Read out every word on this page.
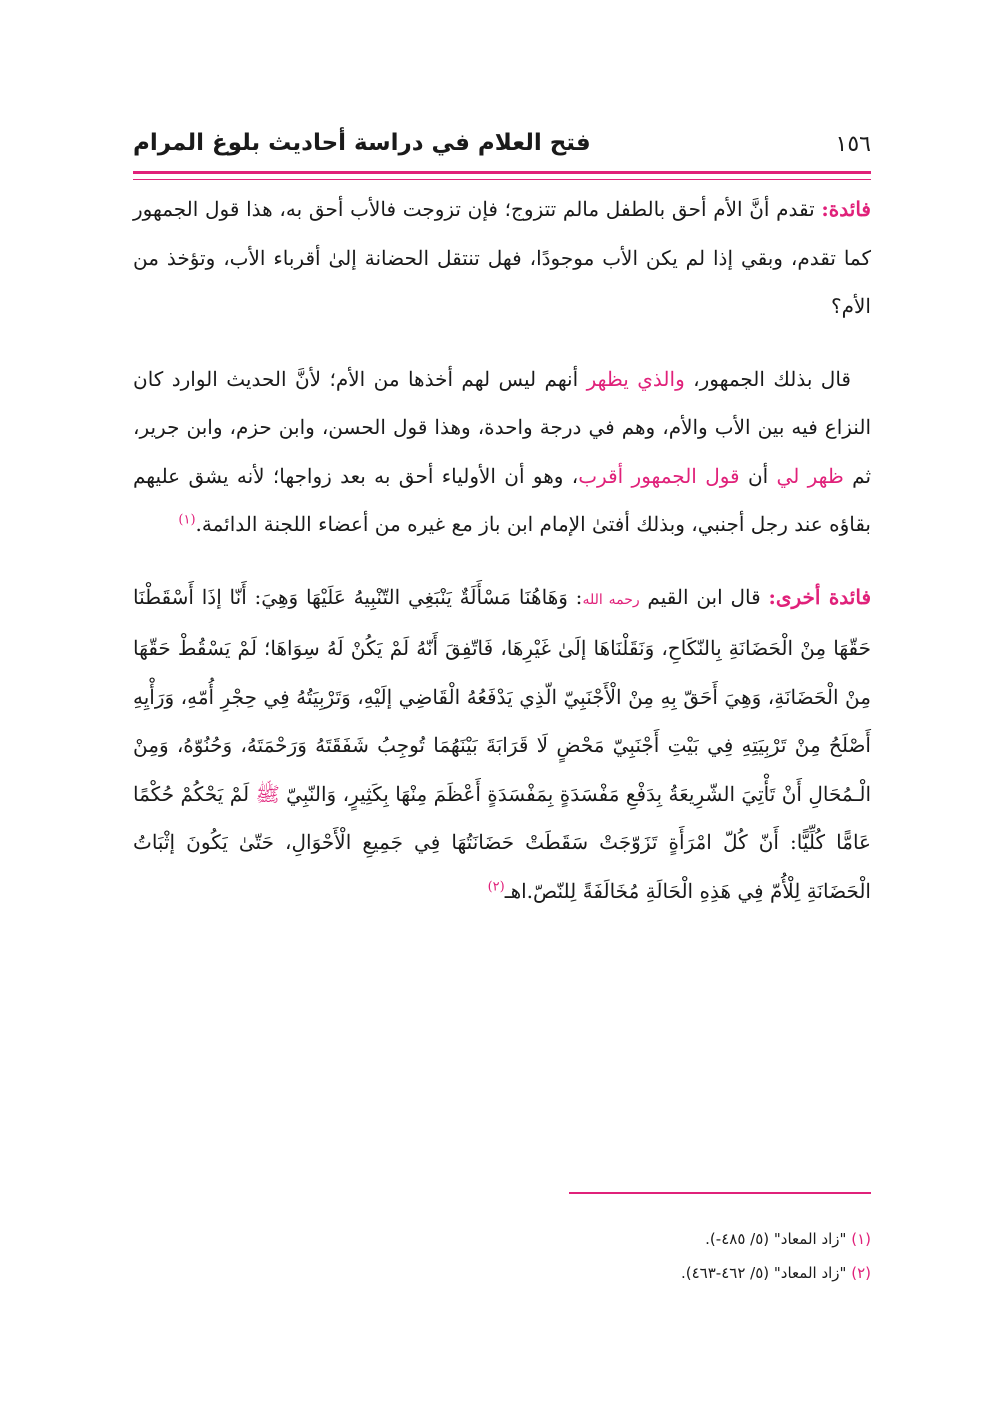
١٥٦
فتح العلام في دراسة أحاديث بلوغ المرام

فائدة: تقدم أنَّ الأم أحق بالطفل مالم تتزوج؛ فإن تزوجت فالأب أحق به، هذا قول الجمهور كما تقدم، وبقي إذا لم يكن الأب موجودًا، فهل تنتقل الحضانة إلىٰ أقرباء الأب، وتؤخذ من الأم؟

 قال بذلك الجمهور، والذي يظهر أنهم ليس لهم أخذها من الأم؛ لأنَّ الحديث الوارد كان النزاع فيه بين الأب والأم، وهم في درجة واحدة، وهذا قول الحسن، وابن حزم، وابن جرير، ثم ظهر لي أن قول الجمهور أقرب، وهو أن الأولياء أحق به بعد زواجها؛ لأنه يشق عليهم بقاؤه عند رجل أجنبي، وبذلك أفتىٰ الإمام ابن باز مع غيره من أعضاء اللجنة الدائمة.$^{(١)}$

فائدة أخرى: قال ابن القيم رحمه الله: وَهَاهُنَا مَسْأَلَةٌ يَنْبَغِي التّنْبِيهُ عَلَيْهَا وَهِيَ: أَنّا إذَا أَسْقَطْنَا حَقّهَا مِنْ الْحَضَانَةِ بِالنّكَاحِ، وَنَقَلْنَاهَا إلَىٰ غَيْرِهَا، فَاتّفِقَ أَنّهُ لَمْ يَكُنْ لَهُ سِوَاهَا؛ لَمْ يَسْقُطْ حَقّهَا مِنْ الْحَضَانَةِ، وَهِيَ أَحَقّ بِهِ مِنْ الْأَجْنَبِيّ الّذِي يَدْفَعُهُ الْقَاضِي إلَيْهِ، وَتَرْبِيَتُهُ فِي حِجْرِ أُمّهِ، وَرَأْيِهِ أَصْلَحُ مِنْ تَرْبِيَتِهِ فِي بَيْتِ أَجْنَبِيّ مَحْضٍ لَا قَرَابَةَ بَيْنَهُمَا تُوجِبُ شَفَقَتَهُ وَرَحْمَتَهُ، وَحُنُوّهُ، وَمِنْ الْـمُحَالِ أَنْ تَأْتِيَ الشّرِيعَةُ بِدَفْعِ مَفْسَدَةٍ بِمَفْسَدَةٍ أَعْظَمَ مِنْهَا بِكَثِيرٍ، وَالنّبِيّ ﷺ لَمْ يَحْكُمْ حُكْمًا عَامًّا كُلِّيًّا: أَنّ كُلّ امْرَأَةٍ تَزَوّجَتْ سَقَطَتْ حَضَانَتُهَا فِي جَمِيعِ الْأَحْوَالِ، حَتّىٰ يَكُونَ إثْبَاتُ الْحَضَانَةِ لِلْأُمّ فِي هَذِهِ الْحَالَةِ مُخَالَفَةً لِلنّصّ.اهـ$^{(٢)}$

(١) "زاد المعاد" (٥/ ٤٨٥-).

(٢) "زاد المعاد" (٥/ ٤٦٢-٤٦٣).
